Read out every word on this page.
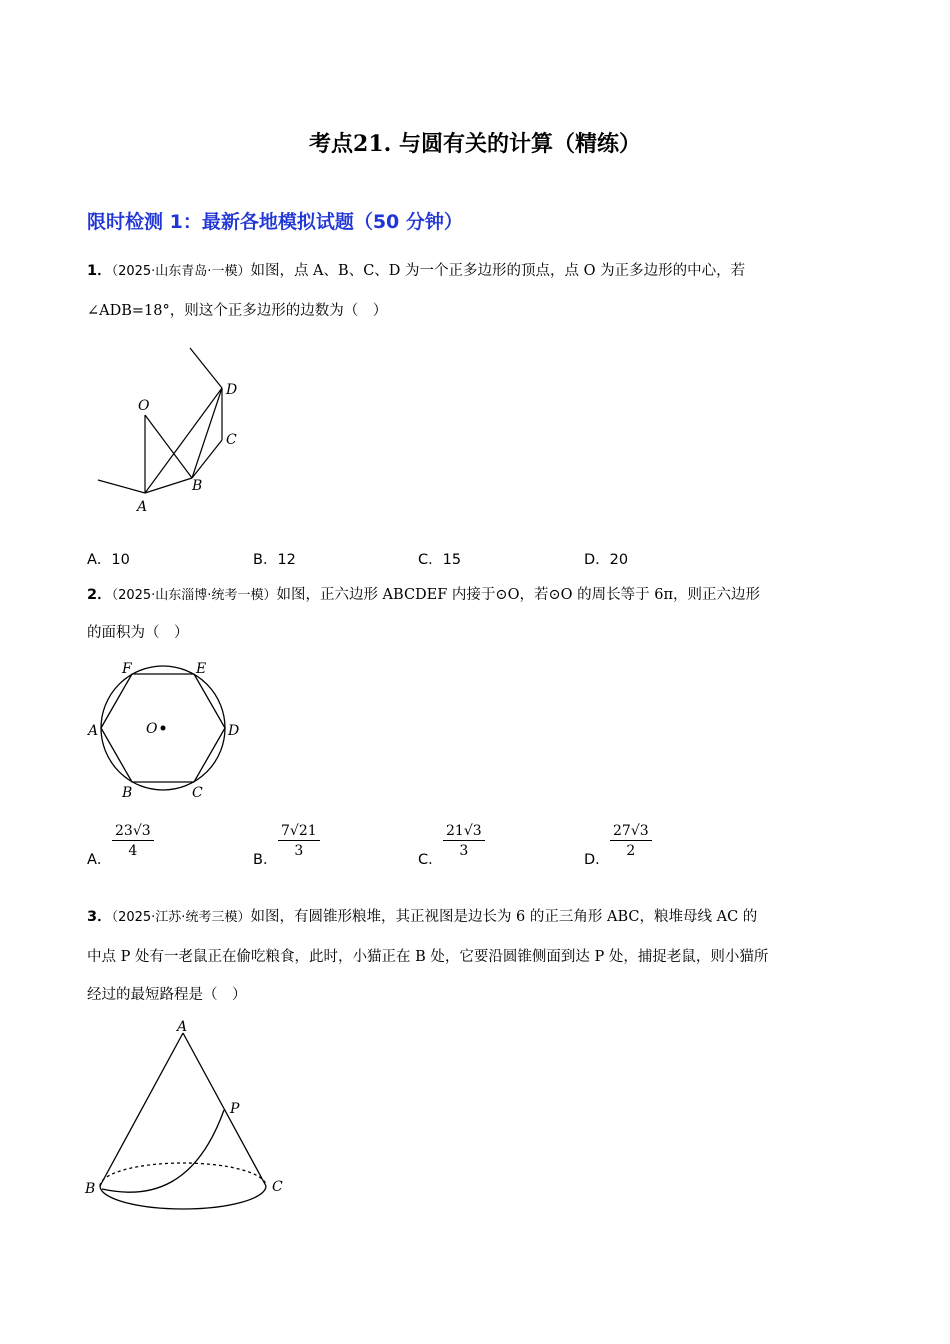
考点21. 与圆有关的计算（精练）
限时检测 1：最新各地模拟试题（50 分钟）
1．（2025·山东青岛·一模）如图，点 A、B、C、D 为一个正多边形的顶点，点 O 为正多边形的中心，若
∠ADB=18°，则这个正多边形的边数为（　）
O
D
C
B
A
A．10	B．12	C．15	D．20
2．（2025·山东淄博·统考一模）如图，正六边形 ABCDEF 内接于⊙O，若⊙O 的周长等于 6π，则正六边形
的面积为（　）
F	E
A	D
O
B	C
A．
$\frac{23√3}{4}$
B．
$\frac{7√21}{3}$
C．
$\frac{21√3}{3}$
D．
$\frac{27√3}{2}$
3．（2025·江苏·统考三模）如图，有圆锥形粮堆，其正视图是边长为 6 的正三角形 ABC，粮堆母线 AC 的
中点 P 处有一老鼠正在偷吃粮食，此时，小猫正在 B 处，它要沿圆锥侧面到达 P 处，捕捉老鼠，则小猫所
经过的最短路程是（　）
A
P
B	C
